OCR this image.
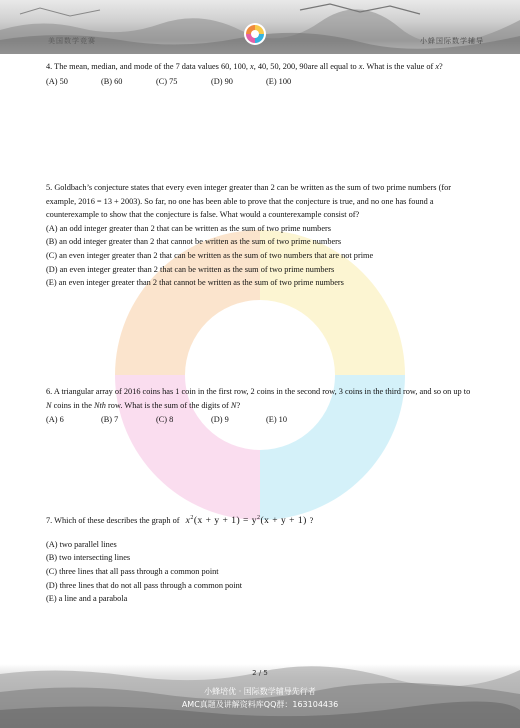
美国数学竞赛	小蜂国际数学辅导

4. The mean, median, and mode of the 7 data values 60, 100, x, 40, 50, 200, 90are all equal to x. What is the value of x?

(A) 50	(B) 60	(C) 75	(D) 90	(E) 100

5. Goldbach’s conjecture states that every even integer greater than 2 can be written as the sum of two prime numbers (for example, 2016 = 13 + 2003). So far, no one has been able to prove that the conjecture is true, and no one has found a counterexample to show that the conjecture is false. What would a counterexample consist of?

(A) an odd integer greater than 2 that can be written as the sum of two prime numbers
(B) an odd integer greater than 2 that cannot be written as the sum of two prime numbers
(C) an even integer greater than 2 that can be written as the sum of two numbers that are not prime
(D) an even integer greater than 2 that can be written as the sum of two prime numbers
(E) an even integer greater than 2 that cannot be written as the sum of two prime numbers

6. A triangular array of 2016 coins has 1 coin in the first row, 2 coins in the second row, 3 coins in the third row, and so on up to N coins in the Nth row. What is the sum of the digits of N?

(A) 6	(B) 7	(C) 8	(D) 9	(E) 10

7. Which of these describes the graph of $x^2(x + y + 1) = y^2(x + y + 1)$ ?

(A) two parallel lines
(B) two intersecting lines
(C) three lines that all pass through a common point
(D) three lines that do not all pass through a common point
(E) a line and a parabola
2 / 5
小蜂培优 · 国际数学辅导先行者
AMC真题及讲解资料库QQ群：163104436
